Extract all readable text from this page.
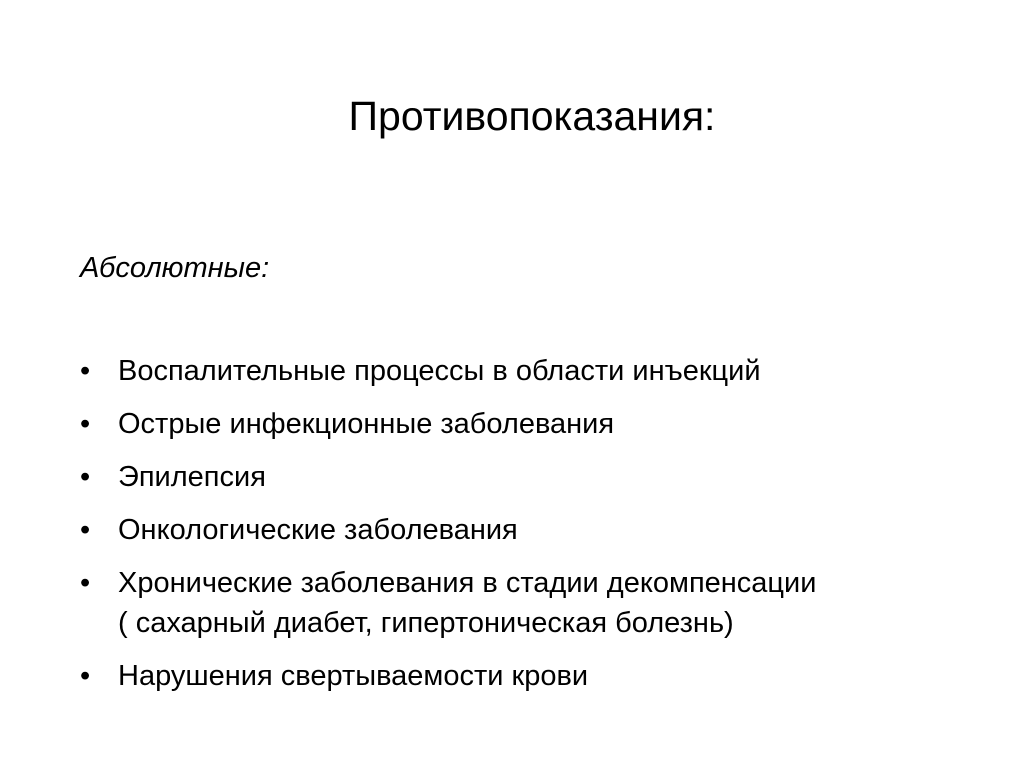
Противопоказания:
Абсолютные:
• Воспалительные процессы в области инъекций
• Острые инфекционные заболевания
• Эпилепсия
• Онкологические заболевания
• Хронические заболевания в стадии декомпенсации
( сахарный диабет, гипертоническая болезнь)
• Нарушения свертываемости крови
